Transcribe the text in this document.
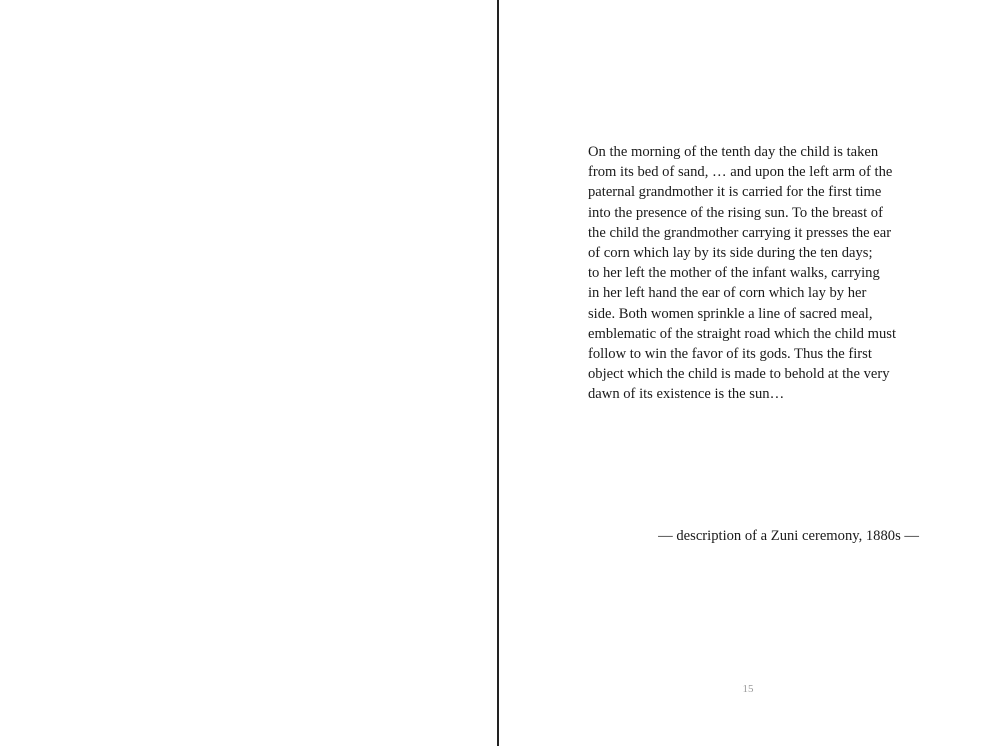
On the morning of the tenth day the child is taken
from its bed of sand, … and upon the left arm of the
paternal grandmother it is carried for the first time
into the presence of the rising sun. To the breast of
the child the grandmother carrying it presses the ear
of corn which lay by its side during the ten days;
to her left the mother of the infant walks, carrying
in her left hand the ear of corn which lay by her
side. Both women sprinkle a line of sacred meal,
emblematic of the straight road which the child must
follow to win the favor of its gods. Thus the first
object which the child is made to behold at the very
dawn of its existence is the sun…

— description of a Zuni ceremony, 1880s —
15
